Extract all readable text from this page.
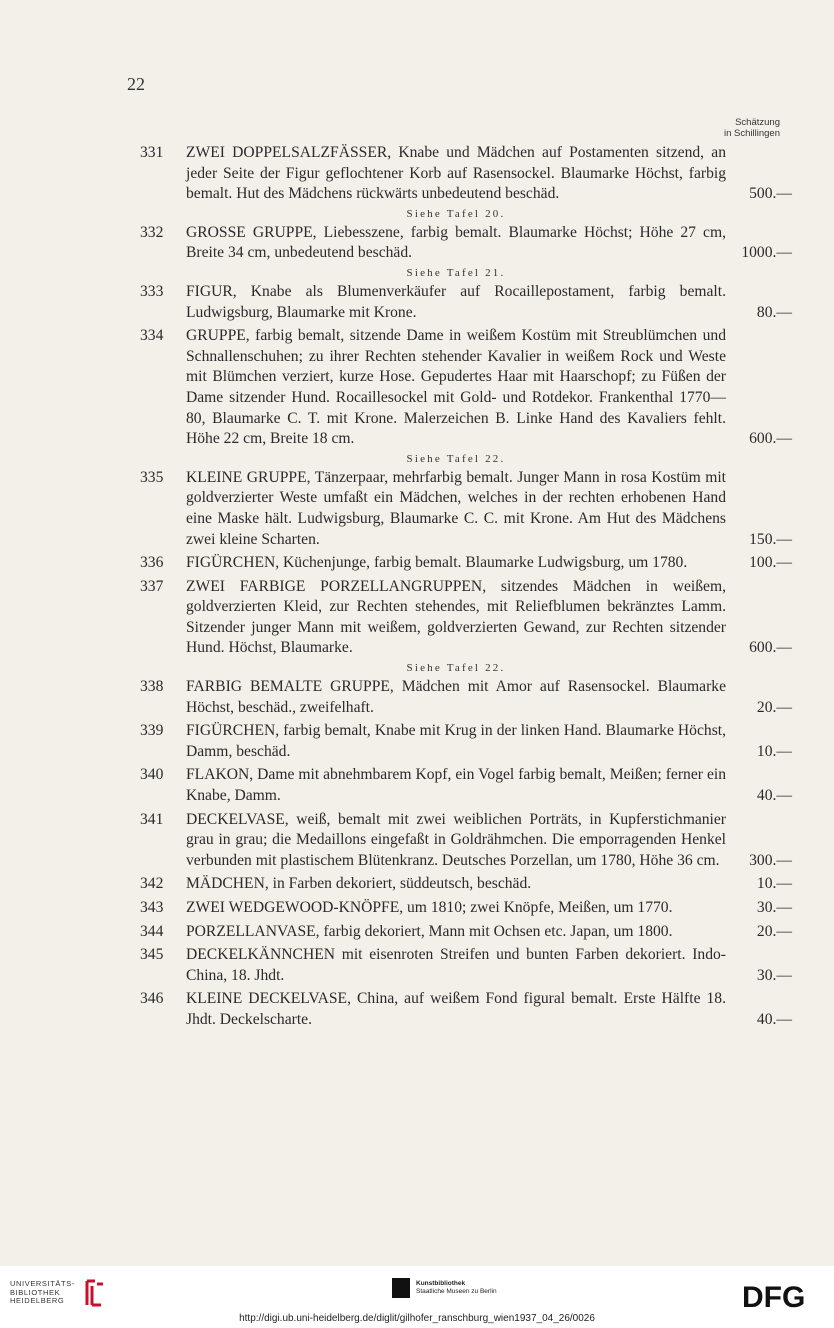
22
Schätzung
in Schillingen
331 ZWEI DOPPELSALZFÄSSER, Knabe und Mädchen auf Postamenten sitzend, an jeder Seite der Figur geflochtener Korb auf Rasensockel. Blaumarke Höchst, farbig bemalt. Hut des Mädchens rückwärts unbedeutend beschäd.	500.—
Siehe Tafel 20.
332 GROSSE GRUPPE, Liebesszene, farbig bemalt. Blaumarke Höchst; Höhe 27 cm, Breite 34 cm, unbedeutend beschäd.	1000.—
Siehe Tafel 21.
333 FIGUR, Knabe als Blumenverkäufer auf Rocaillepostament, farbig bemalt. Ludwigsburg, Blaumarke mit Krone.	80.—
334 GRUPPE, farbig bemalt, sitzende Dame in weißem Kostüm mit Streublümchen und Schnallenschuhen; zu ihrer Rechten stehender Kavalier in weißem Rock und Weste mit Blümchen verziert, kurze Hose. Gepudertes Haar mit Haarschopf; zu Füßen der Dame sitzender Hund. Rocaillesockel mit Gold- und Rotdekor. Frankenthal 1770—80, Blaumarke C. T. mit Krone. Malerzeichen B. Linke Hand des Kavaliers fehlt. Höhe 22 cm, Breite 18 cm.	600.—
Siehe Tafel 22.
335 KLEINE GRUPPE, Tänzerpaar, mehrfarbig bemalt. Junger Mann in rosa Kostüm mit goldverzierter Weste umfaßt ein Mädchen, welches in der rechten erhobenen Hand eine Maske hält. Ludwigsburg, Blaumarke C. C. mit Krone. Am Hut des Mädchens zwei kleine Scharten.	150.—
336 FIGÜRCHEN, Küchenjunge, farbig bemalt. Blaumarke Ludwigsburg, um 1780.	100.—
337 ZWEI FARBIGE PORZELLANGRUPPEN, sitzendes Mädchen in weißem, goldverzierten Kleid, zur Rechten stehendes, mit Reliefblumen bekränztes Lamm. Sitzender junger Mann mit weißem, goldverzierten Gewand, zur Rechten sitzender Hund. Höchst, Blaumarke.	600.—
Siehe Tafel 22.
338 FARBIG BEMALTE GRUPPE, Mädchen mit Amor auf Rasensockel. Blaumarke Höchst, beschäd., zweifelhaft.	20.—
339 FIGÜRCHEN, farbig bemalt, Knabe mit Krug in der linken Hand. Blaumarke Höchst, Damm, beschäd.	10.—
340 FLAKON, Dame mit abnehmbarem Kopf, ein Vogel farbig bemalt, Meißen; ferner ein Knabe, Damm.	40.—
341 DECKELVASE, weiß, bemalt mit zwei weiblichen Porträts, in Kupferstichmanier grau in grau; die Medaillons eingefaßt in Goldrähmchen. Die emporragenden Henkel verbunden mit plastischem Blütenkranz. Deutsches Porzellan, um 1780, Höhe 36 cm.	300.—
342 MÄDCHEN, in Farben dekoriert, süddeutsch, beschäd.	10.—
343 ZWEI WEDGEWOOD-KNÖPFE, um 1810; zwei Knöpfe, Meißen, um 1770.	30.—
344 PORZELLANVASE, farbig dekoriert, Mann mit Ochsen etc. Japan, um 1800.	20.—
345 DECKELKÄNNCHEN mit eisenroten Streifen und bunten Farben dekoriert. Indo-China, 18. Jhdt.	30.—
346 KLEINE DECKELVASE, China, auf weißem Fond figural bemalt. Erste Hälfte 18. Jhdt. Deckelscharte.	40.—
UNIVERSITÄTS-
BIBLIOTHEK
HEIDELBERG
Kunstbibliothek
Staatliche Museen zu Berlin	DFG
http://digi.ub.uni-heidelberg.de/diglit/gilhofer_ranschburg_wien1937_04_26/0026
